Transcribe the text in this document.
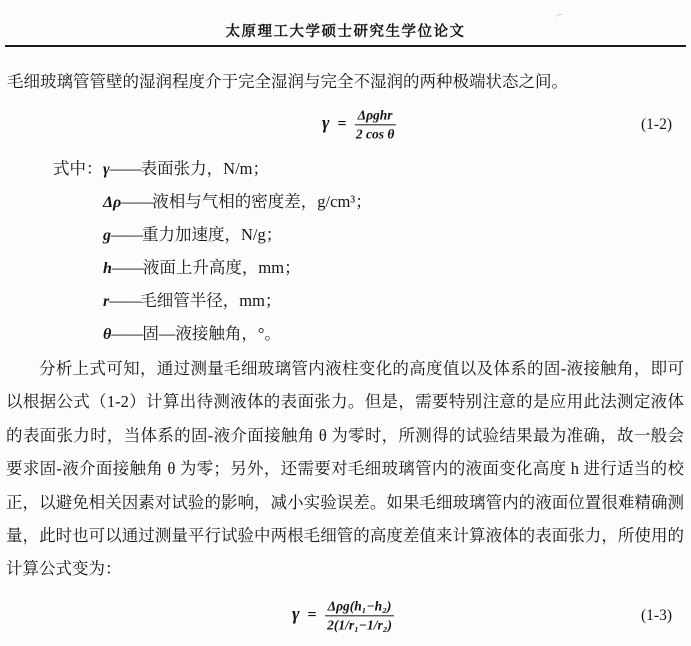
太原理工大学硕士研究生学位论文
毛细玻璃管管壁的湿润程度介于完全湿润与完全不湿润的两种极端状态之间。
$\gamma = \frac{\text{Δρghr}}{\text{2 cos θ}}$	(1-2)
式中： γ —— 表面张力，N/m；
Δρ —— 液相与气相的密度差，g/cm³；
g —— 重力加速度，N/g；
h —— 液面上升高度，mm；
r —— 毛细管半径，mm；
θ —— 固—液接触角，°。
分析上式可知，通过测量毛细玻璃管内液柱变化的高度值以及体系的固-液接触角，即可以根据公式（1-2）计算出待测液体的表面张力。但是，需要特别注意的是应用此法测定液体的表面张力时，当体系的固-液介面接触角 θ 为零时，所测得的试验结果最为准确，故一般会要求固-液介面接触角 θ 为零；另外，还需要对毛细玻璃管内的液面变化高度 h 进行适当的校正，以避免相关因素对试验的影响，减小实验误差。如果毛细玻璃管内的液面位置很难精确测量，此时也可以通过测量平行试验中两根毛细管的高度差值来计算液体的表面张力，所使用的计算公式变为：
$\gamma = \frac{\text{Δρg(h₁−h₂)}}{\text{2(1/r₁−1/r₂)}}$	(1-3)
